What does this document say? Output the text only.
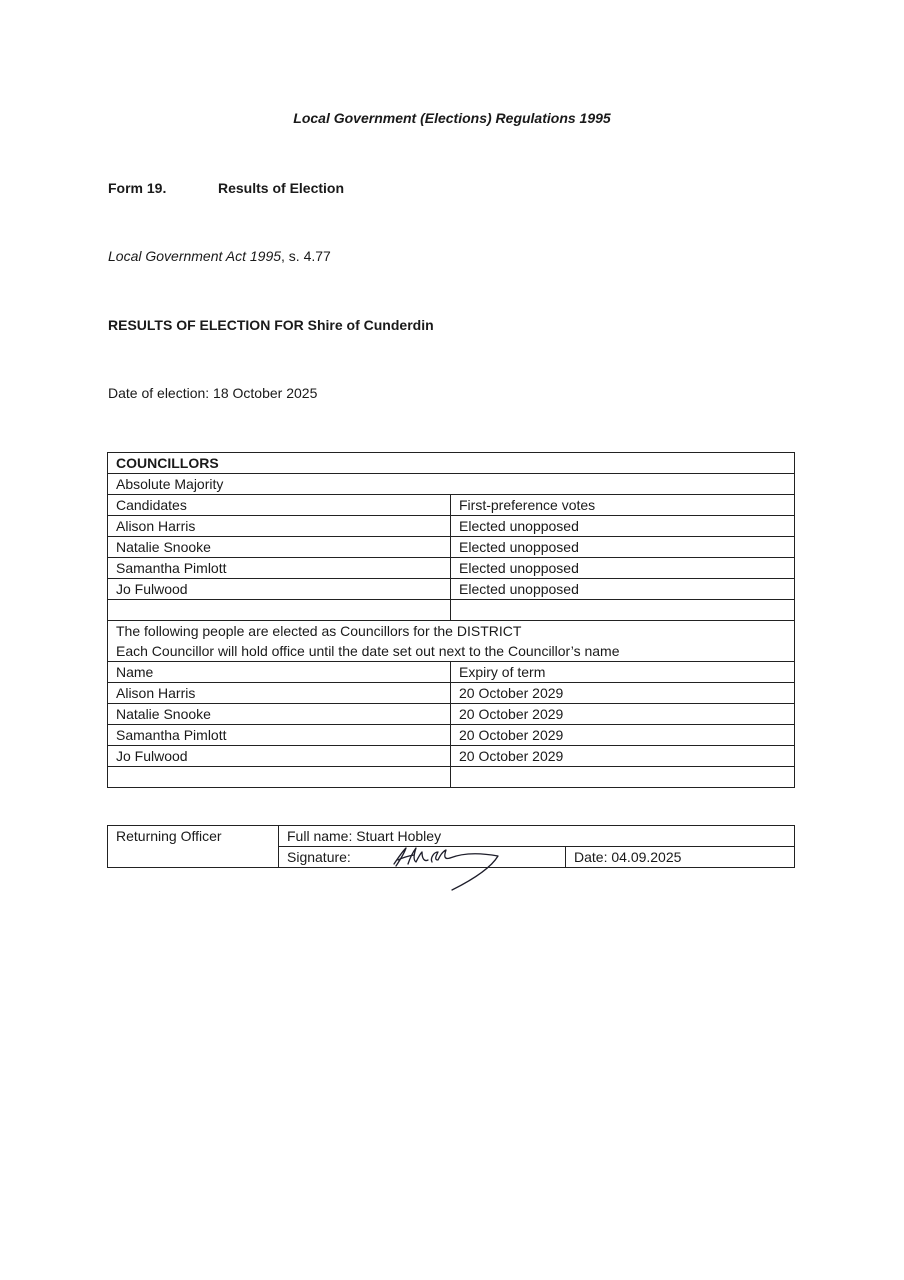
Local Government (Elections) Regulations 1995
Form 19.	Results of Election
Local Government Act 1995, s. 4.77
RESULTS OF ELECTION FOR Shire of Cunderdin
Date of election: 18 October 2025
COUNCILLORS	
Absolute Majority	
Candidates	First-preference votes
Alison Harris	Elected unopposed
Natalie Snooke	Elected unopposed
Samantha Pimlott	Elected unopposed
Jo Fulwood	Elected unopposed

The following people are elected as Councillors for the DISTRICT
Each Councillor will hold office until the date set out next to the Councillor’s name	

Name	Expiry of term
Alison Harris	20 October 2029
Natalie Snooke	20 October 2029
Samantha Pimlott	20 October 2029
Jo Fulwood	20 October 2029

Returning Officer	Full name: Stuart Hobley	
	Signature:	Date: 04.09.2025
